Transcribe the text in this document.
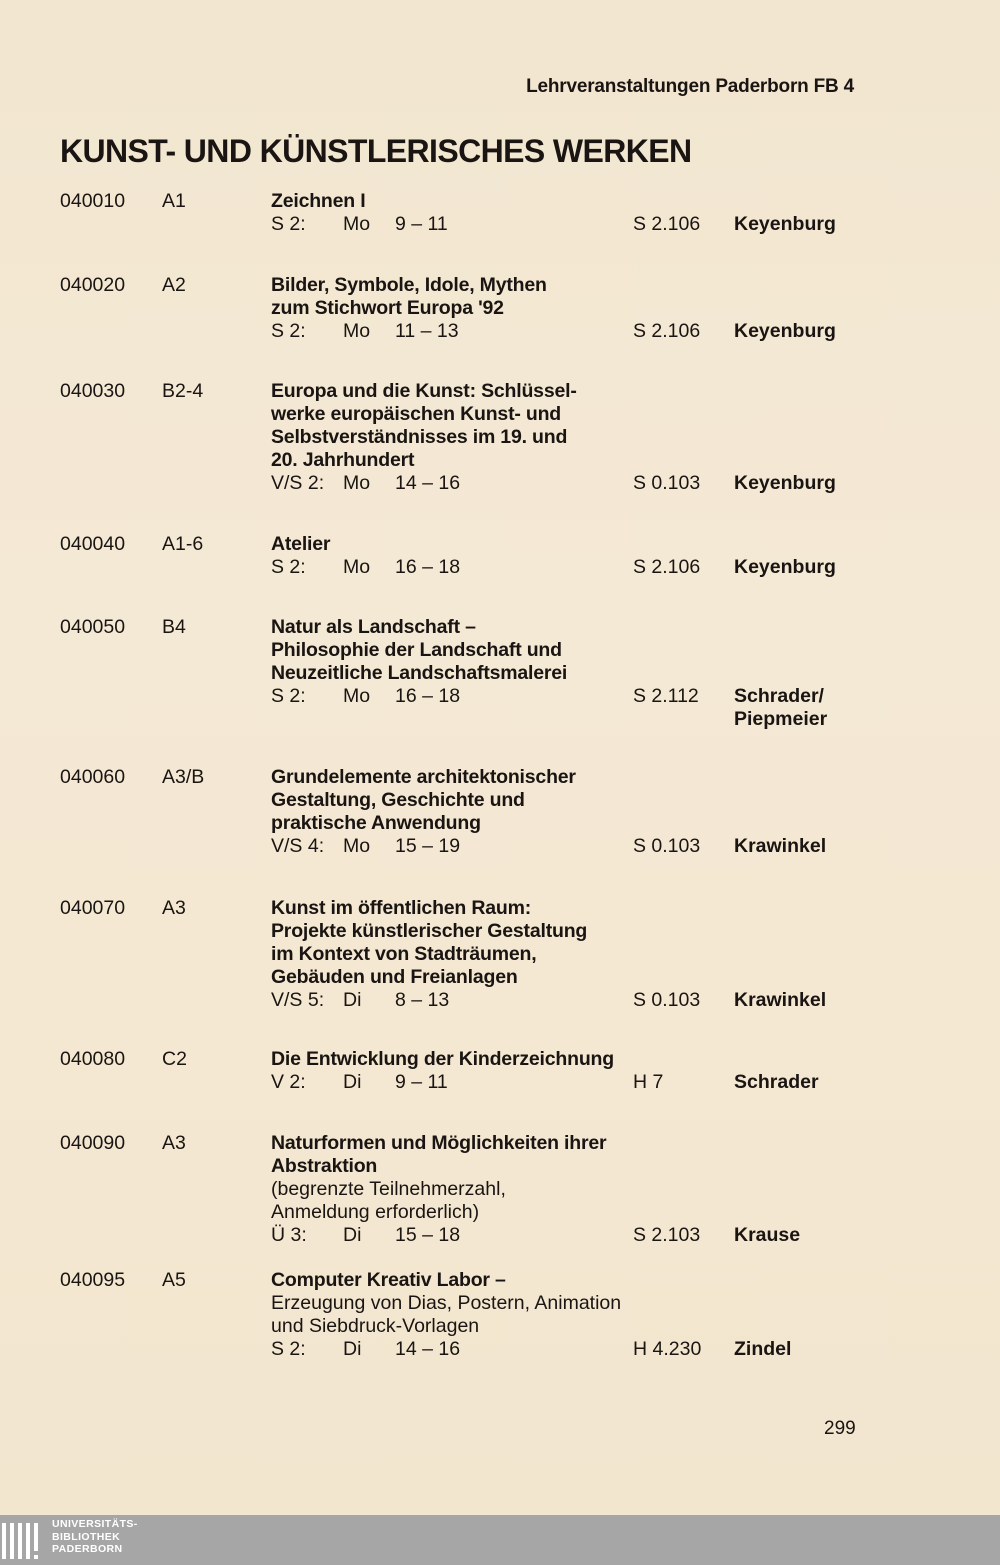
Lehrveranstaltungen Paderborn FB 4
KUNST- UND KÜNSTLERISCHES WERKEN
040010 A1	Zeichnen I
S 2: Mo 9 – 11	S 2.106 Keyenburg
040020 A2	Bilder, Symbole, Idole, Mythen
zum Stichwort Europa '92
S 2: Mo 11 – 13	S 2.106 Keyenburg
040030 B2-4	Europa und die Kunst: Schlüssel-
werke europäischen Kunst- und
Selbstverständnisses im 19. und
20. Jahrhundert
V/S 2: Mo 14 – 16	S 0.103 Keyenburg
040040 A1-6	Atelier
S 2: Mo 16 – 18	S 2.106 Keyenburg
040050 B4	Natur als Landschaft –
Philosophie der Landschaft und
Neuzeitliche Landschaftsmalerei
S 2: Mo 16 – 18	S 2.112 Schrader/
Piepmeier
040060 A3/B	Grundelemente architektonischer
Gestaltung, Geschichte und
praktische Anwendung
V/S 4: Mo 15 – 19	S 0.103 Krawinkel
040070 A3	Kunst im öffentlichen Raum:
Projekte künstlerischer Gestaltung
im Kontext von Stadträumen,
Gebäuden und Freianlagen
V/S 5: Di 8 – 13	S 0.103 Krawinkel
040080 C2	Die Entwicklung der Kinderzeichnung
V 2: Di 9 – 11	H 7	Schrader
040090 A3	Naturformen und Möglichkeiten ihrer
Abstraktion
(begrenzte Teilnehmerzahl,
Anmeldung erforderlich)
Ü 3: Di 15 – 18	S 2.103 Krause
040095 A5	Computer Kreativ Labor –
Erzeugung von Dias, Postern, Animation
und Siebdruck-Vorlagen
S 2: Di 14 – 16	H 4.230 Zindel
299
UNIVERSITÄTS-
BIBLIOTHEK
PADERBORN
